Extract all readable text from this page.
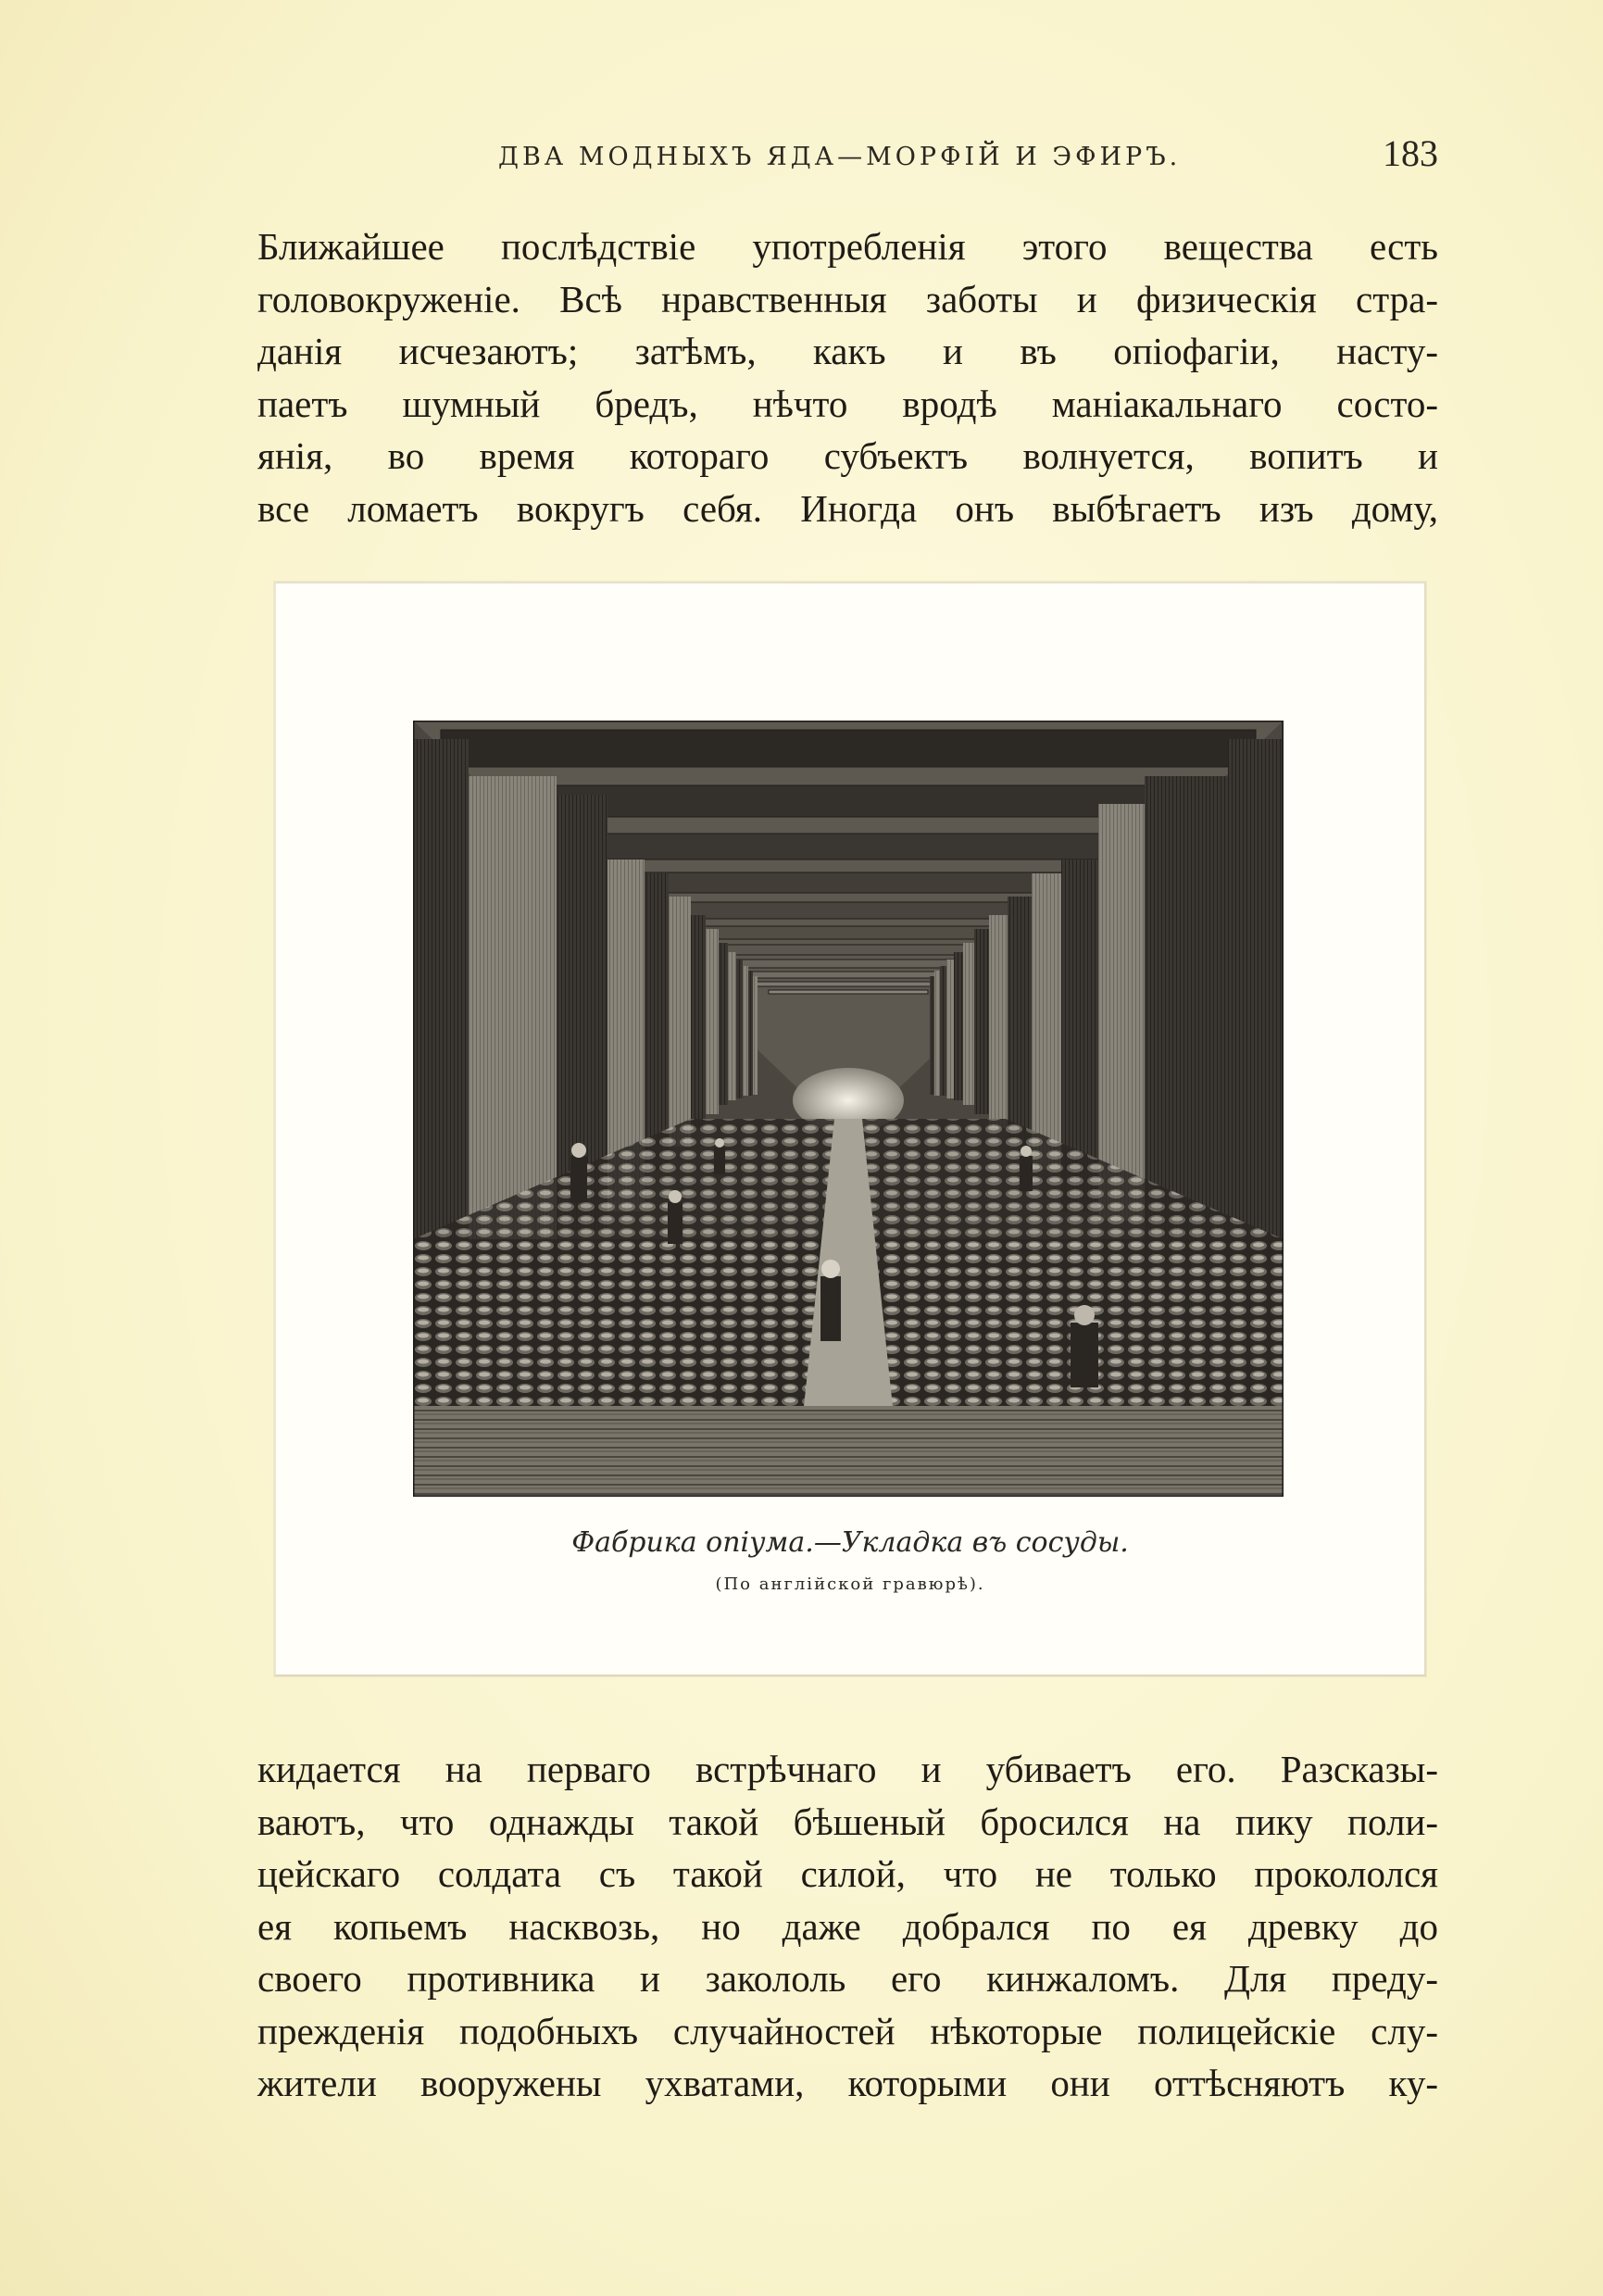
ДВА МОДНЫХЪ ЯДА—МОРФІЙ И ЭФИРЪ.	183
Ближайшее послѣдствіе употребленія этого вещества есть
головокруженіе. Всѣ нравственныя заботы и физическія стра-
данія исчезаютъ; затѣмъ, какъ и въ опіофагіи, насту-
паетъ шумный бредъ, нѣчто вродѣ маніакальнаго состо-
янія, во время котораго субъектъ волнуется, вопитъ и
все ломаетъ вокругъ себя. Иногда онъ выбѣгаетъ изъ дому,
Фабрика опіума.—Укладка въ сосуды.
(По англійской гравюрѣ).
кидается на перваго встрѣчнаго и убиваетъ его. Разсказы-
ваютъ, что однажды такой бѣшеный бросился на пику поли-
цейскаго солдата съ такой силой, что не только прокололся
ея копьемъ насквозь, но даже добрался по ея древку до
своего противника и закололь его кинжаломъ. Для преду-
прежденія подобныхъ случайностей нѣкоторые полицейскіе слу-
жители вооружены ухватами, которыми они оттѣсняютъ ку-
